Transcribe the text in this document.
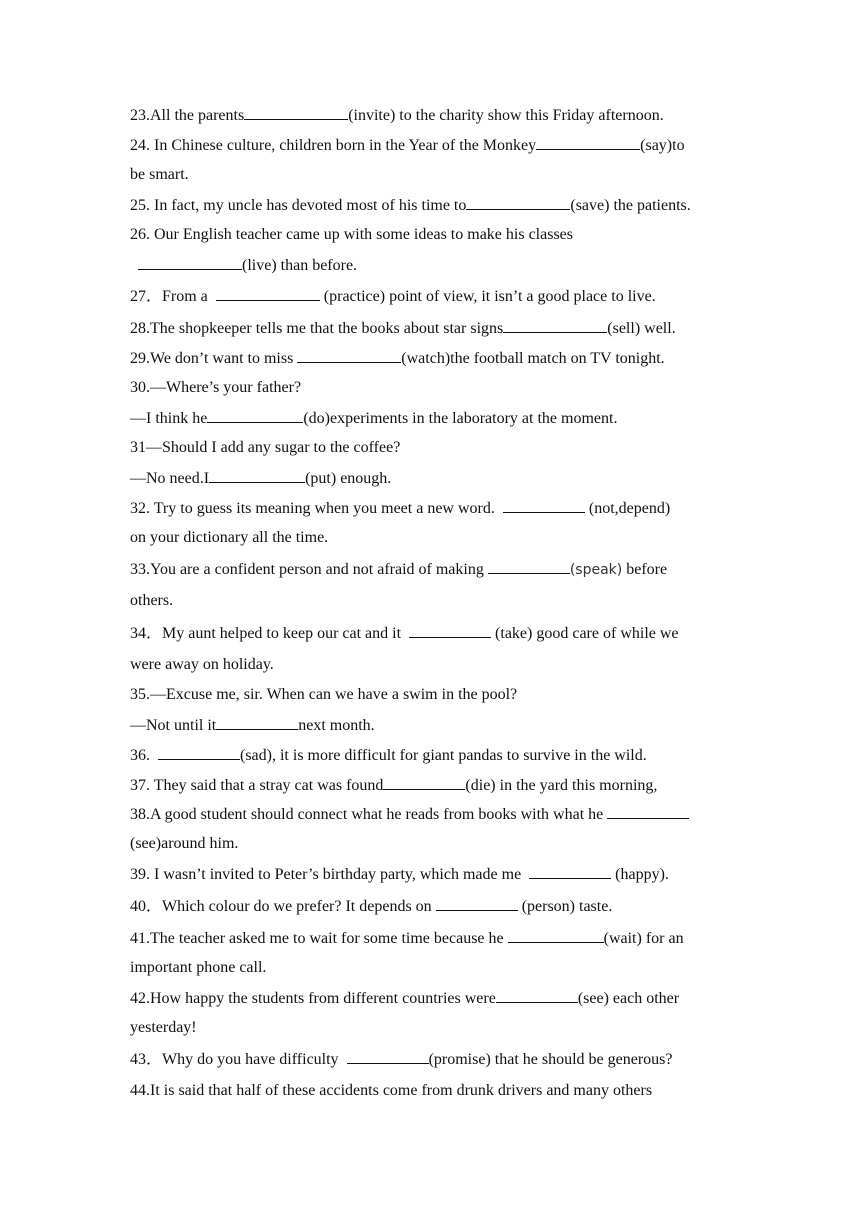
23.All the parents	(invite) to the charity show this Friday afternoon.
24. In Chinese culture, children born in the Year of the Monkey	(say)to
be smart.
25. In fact, my uncle has devoted most of his time to	(save) the patients.
26. Our English teacher came up with some ideas to make his classes
(live) than before.
27．From a	(practice) point of view, it isn’t a good place to live.
28.The shopkeeper tells me that the books about star signs	(sell) well.
29.We don’t want to miss	(watch)the football match on TV tonight.
30.—Where’s your father?
—I think he	(do)experiments in the laboratory at the moment.
31—Should I add any sugar to the coffee?
—No need.I	(put) enough.
32. Try to guess its meaning when you meet a new word.	(not,depend)
on your dictionary all the time.
33.You are a confident person and not afraid of making	(speak) before
others.
34．My aunt helped to keep our cat and it	(take) good care of while we
were away on holiday.
35.—Excuse me, sir. When can we have a swim in the pool?
—Not until it	next month.
36.	(sad), it is more difficult for giant pandas to survive in the wild.
37. They said that a stray cat was found	(die) in the yard this morning,
38.A good student should connect what he reads from books with what he
(see)around him.
39. I wasn’t invited to Peter’s birthday party, which made me	(happy).
40．Which colour do we prefer? It depends on	(person) taste.
41.The teacher asked me to wait for some time because he	(wait) for an
important phone call.
42.How happy the students from different countries were	(see) each other
yesterday!
43．Why do you have difficulty	(promise) that he should be generous?
44.It is said that half of these accidents come from drunk drivers and many others
